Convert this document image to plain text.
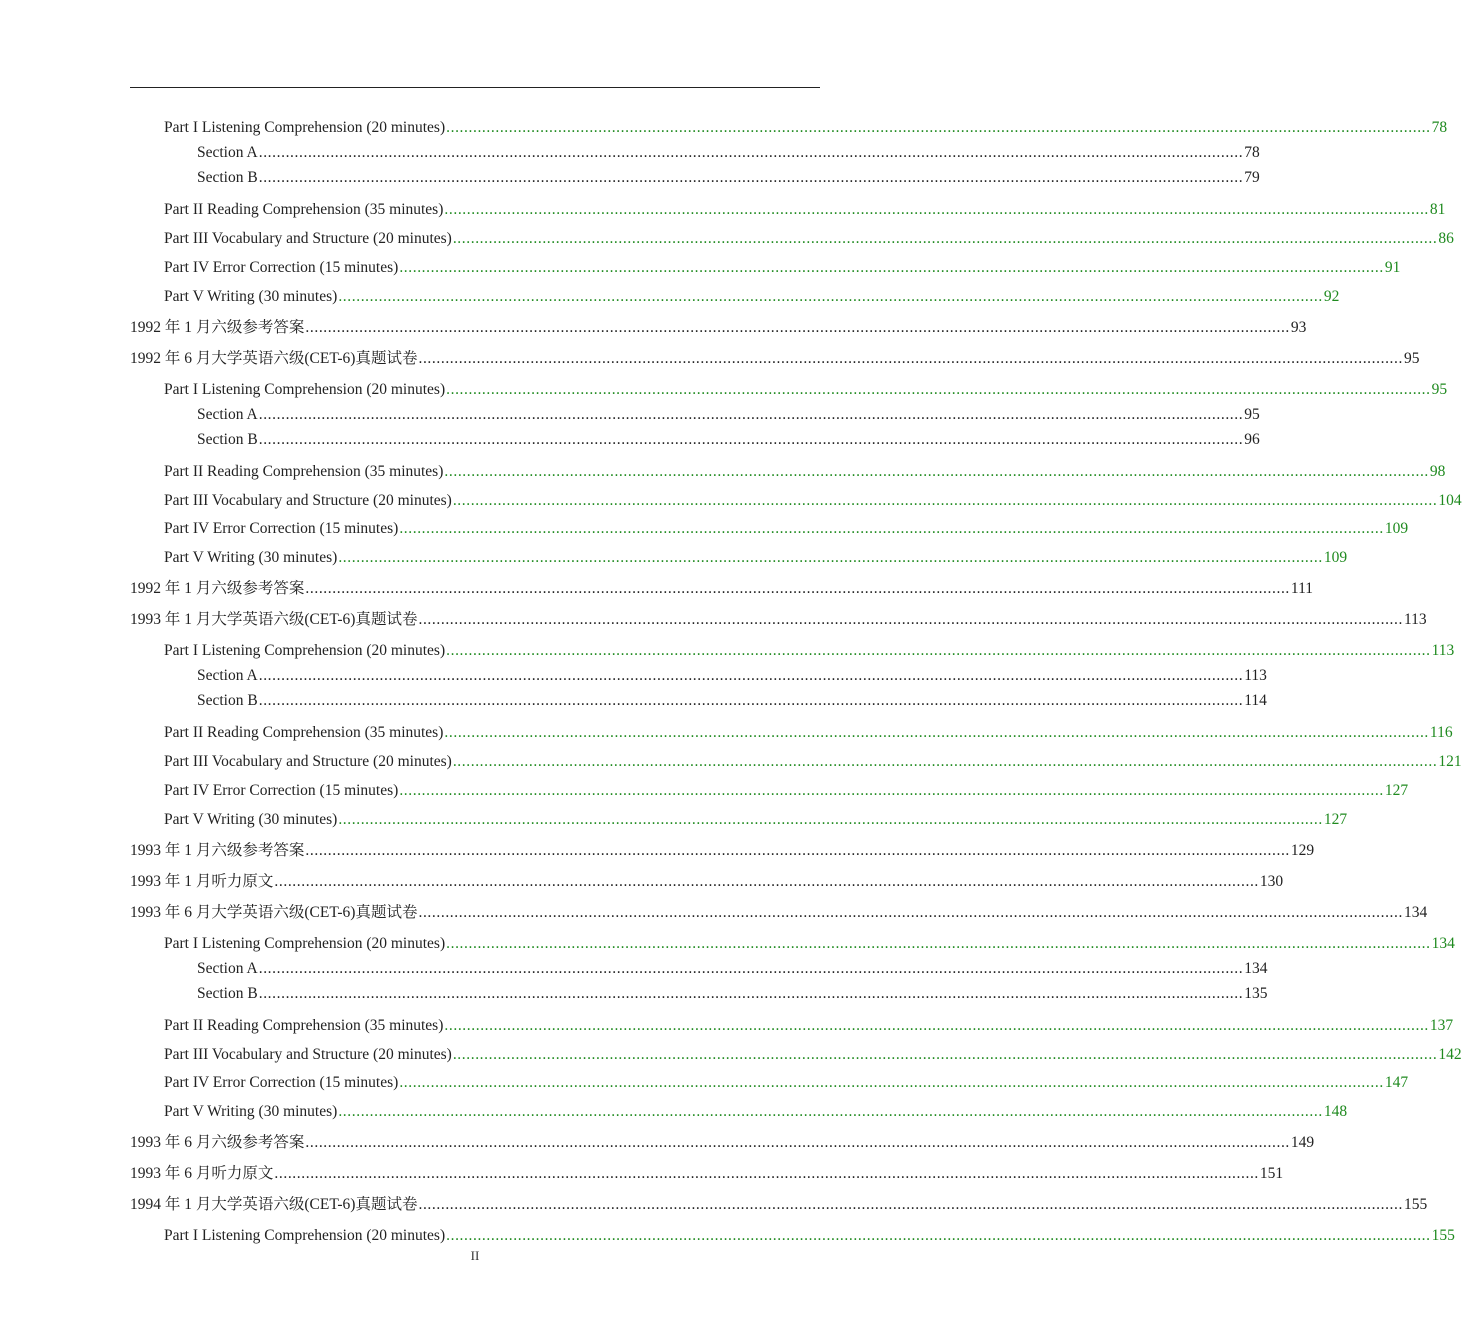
Part I Listening Comprehension (20 minutes) ............................................................................................................................................................................................................................ 78
Section A ............................................................................................................................................................................................................................ 78
Section B ............................................................................................................................................................................................................................ 79
Part II Reading Comprehension (35 minutes) ............................................................................................................................................................................................................................ 81
Part III Vocabulary and Structure (20 minutes) ............................................................................................................................................................................................................................ 86
Part IV Error Correction (15 minutes) ............................................................................................................................................................................................................................ 91
Part V Writing (30 minutes) ............................................................................................................................................................................................................................ 92
1992 年 1 月六级参考答案 ............................................................................................................................................................................................................................ 93
1992 年 6 月大学英语六级(CET-6)真题试卷 ............................................................................................................................................................................................................................ 95
Part I Listening Comprehension (20 minutes) ............................................................................................................................................................................................................................ 95
Section A ............................................................................................................................................................................................................................ 95
Section B ............................................................................................................................................................................................................................ 96
Part II Reading Comprehension (35 minutes) ............................................................................................................................................................................................................................ 98
Part III Vocabulary and Structure (20 minutes) ............................................................................................................................................................................................................................ 104
Part IV Error Correction (15 minutes) ............................................................................................................................................................................................................................ 109
Part V Writing (30 minutes) ............................................................................................................................................................................................................................ 109
1992 年 1 月六级参考答案 ............................................................................................................................................................................................................................ 111
1993 年 1 月大学英语六级(CET-6)真题试卷 ............................................................................................................................................................................................................................ 113
Part I Listening Comprehension (20 minutes) ............................................................................................................................................................................................................................ 113
Section A ............................................................................................................................................................................................................................ 113
Section B ............................................................................................................................................................................................................................ 114
Part II Reading Comprehension (35 minutes) ............................................................................................................................................................................................................................ 116
Part III Vocabulary and Structure (20 minutes) ............................................................................................................................................................................................................................ 121
Part IV Error Correction (15 minutes) ............................................................................................................................................................................................................................ 127
Part V Writing (30 minutes) ............................................................................................................................................................................................................................ 127
1993 年 1 月六级参考答案 ............................................................................................................................................................................................................................ 129
1993 年 1 月听力原文 ............................................................................................................................................................................................................................ 130
1993 年 6 月大学英语六级(CET-6)真题试卷 ............................................................................................................................................................................................................................ 134
Part I Listening Comprehension (20 minutes) ............................................................................................................................................................................................................................ 134
Section A ............................................................................................................................................................................................................................ 134
Section B ............................................................................................................................................................................................................................ 135
Part II Reading Comprehension (35 minutes) ............................................................................................................................................................................................................................ 137
Part III Vocabulary and Structure (20 minutes) ............................................................................................................................................................................................................................ 142
Part IV Error Correction (15 minutes) ............................................................................................................................................................................................................................ 147
Part V Writing (30 minutes) ............................................................................................................................................................................................................................ 148
1993 年 6 月六级参考答案 ............................................................................................................................................................................................................................ 149
1993 年 6 月听力原文 ............................................................................................................................................................................................................................ 151
1994 年 1 月大学英语六级(CET-6)真题试卷 ............................................................................................................................................................................................................................ 155
Part I Listening Comprehension (20 minutes) ............................................................................................................................................................................................................................ 155
II
